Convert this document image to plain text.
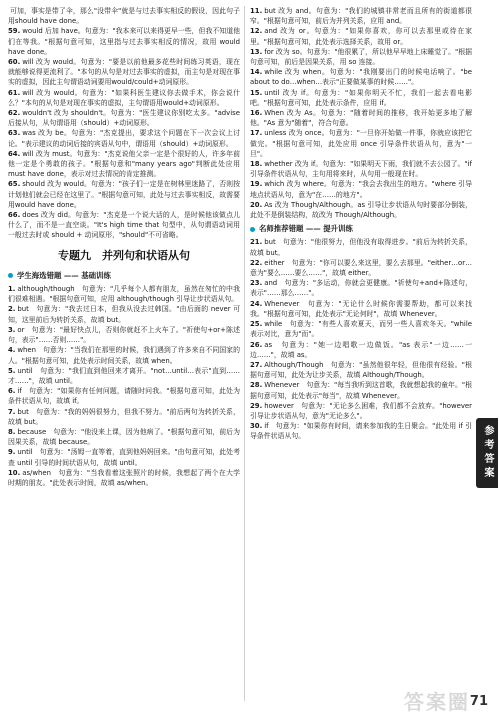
可加，事实是带了伞，那么"没带伞"就是与过去事实相反的假设，因此句子用should have done。

59. would 后加 have。句意为："我本来可以来得更早一些，但我不知道他们在等我。"根据句意可知，这里指与过去事实相反的情况，故用 would have done。

60. will 改为 would。句意为："要是以前他最多花些时间练习英语，现在就能够说得更流利了。"本句的从句是对过去事实的虚拟，而主句是对现在事实的虚拟，因此主句谓语动词要用would/could+动词原形。

61. will 改为 would。句意为："如果科医生建议你去做手术，你会说什么？"本句的从句是对现在事实的虚拟，主句谓语用would+动词原形。

62. wouldn't 改为 shouldn't。句意为："医生建议你别吃太多。"advise后接从句，从句谓语用（should）+动词原形。

63. was 改为 be。句意为："杰克提出，要求这个问题在下一次会议上讨论。"表示建议的动词后接的宾语从句中，谓语用（should）+动词原形。

64. will 改为 must。句意为："杰克说他父亲一定是个很好的人，许多年前他一定是个勇敢的孩子。"根据句意和"many years ago"判断此处应用 must have done，表示对过去情况的肯定推测。

65. should 改为 would。句意为："孩子们一定是在树林里迷路了，否则按计划他们就会已经在这里了。"根据句意可知，此处与过去事实相反，故需要用would have done。

66. does 改为 did。句意为："杰克是一个说大话的人，是时候他该做点儿什么了，而不是一直空谈。"It's high time that 句型中，从句谓语动词用一般过去时或 should + 动词原形，"should"不可省略。

专题九　并列句和状语从句
学生海选错题 —— 基础训练

1. although/though　句意为："几乎每个人都有朋友，虽然在匆忙的中我们很难相遇。"根据句意可知，应用 although/though 引导让步状语从句。

2. but　句意为："我去过日本，但我从没去过韩国。"由后面的 never 可知，这里前后为转折关系，故填 but。

3. or　句意为："最好快点儿，否则你就赶不上火车了。"祈使句+or+陈述句，表示"……否则……"。

4. when　句意为："当我们在那里的时候，我们遇到了许多来自不同国家的人。"根据句意可知，此处表示时间关系，故填 when。

5. until　句意为："我们直到他回来才离开。"not…until…表示"直到……才……"，故填 until。

6. if　句意为："如果你有任何问题，请随时问我。"根据句意可知，此处为条件状语从句，故填 if。

7. but　句意为："我的妈妈很努力，但我不努力。"前后两句为转折关系，故填 but。

8. because　句意为："他没来上课，因为他病了。"根据句意可知，前后为因果关系，故填 because。

9. until　句意为："汤姆一直等着，直到他妈妈回来。"由句意可知，此处考查 until 引导的时间状语从句，故填 until。

10. as/when　句意为："当我看着这张照片的时候，我想起了两个在大学时期的朋友。"此处表示时间，故填 as/when。

11. but 改为 and。句意为："我们的城镇非常老而且所有的街道都很窄。"根据句意可知，前后为并列关系，应用 and。

12. and 改为 or。句意为："如果你喜欢，你可以去那里或待在家里。"根据句意可知，此处表示选择关系，故用 or。

13. for 改为 so。句意为："他很累了，所以他早早地上床睡觉了。"根据句意可知，前后是因果关系，用 so 连接。

14. while 改为 when。句意为："我刚要出门的时候电话响了。"be about to do…when…表示"正要做某事的时候……"。

15. until 改为 if。句意为："如果你明天不忙，我们一起去看电影吧。"根据句意可知，此处表示条件，应用 if。

16. When 改为 As。句意为："随着时间的推移，我开始更多地了解他。"As 意为"随着"，符合句意。

17. unless 改为 once。句意为："一旦你开始做一件事，你就应该把它做完。"根据句意可知，此处应用 once 引导条件状语从句，意为"一旦"。

18. whether 改为 if。句意为："如果明天下雨，我们就不去公园了。"if 引导条件状语从句，主句用将来时，从句用一般现在时。

19. which 改为 where。句意为："我会去我出生的地方。"where 引导地点状语从句，意为"在……的地方"。

20. As 改为 Though/Although。as 引导让步状语从句时要部分倒装，此处不是倒装结构，故改为 Though/Although。

名师推荐错题 —— 提升训练

21. but　句意为："他很努力，但他没有取得进步。"前后为转折关系，故填 but。

22. either　句意为："你可以要么来这里，要么去那里。"either…or…意为"要么……要么……"，故填 either。

23. and　句意为："多运动，你就会更健康。"祈使句+and+陈述句，表示"……那么……"。

24. Whenever　句意为："无论什么时候你需要帮助，都可以来找我。"根据句意可知，此处表示"无论何时"，故填 Whenever。

25. while　句意为："有些人喜欢夏天，而另一些人喜欢冬天。"while 表示对比，意为"而"。

26. as　句意为："她一边唱歌一边做饭。"as 表示"一边……一边……"，故填 as。

27. Although/Though　句意为："虽然他很年轻，但他很有经验。"根据句意可知，此处为让步关系，故填 Although/Though。

28. Whenever　句意为："每当我听到这首歌，我就想起我的童年。"根据句意可知，此处表示"每当"，故填 Whenever。

29. however　句意为："无论多么困难，我们都不会放弃。"however 引导让步状语从句，意为"无论多么"。

30. if　句意为："如果你有时间，请来参加我的生日聚会。"此处用 if 引导条件状语从句。	参考答案
答案圈 71
